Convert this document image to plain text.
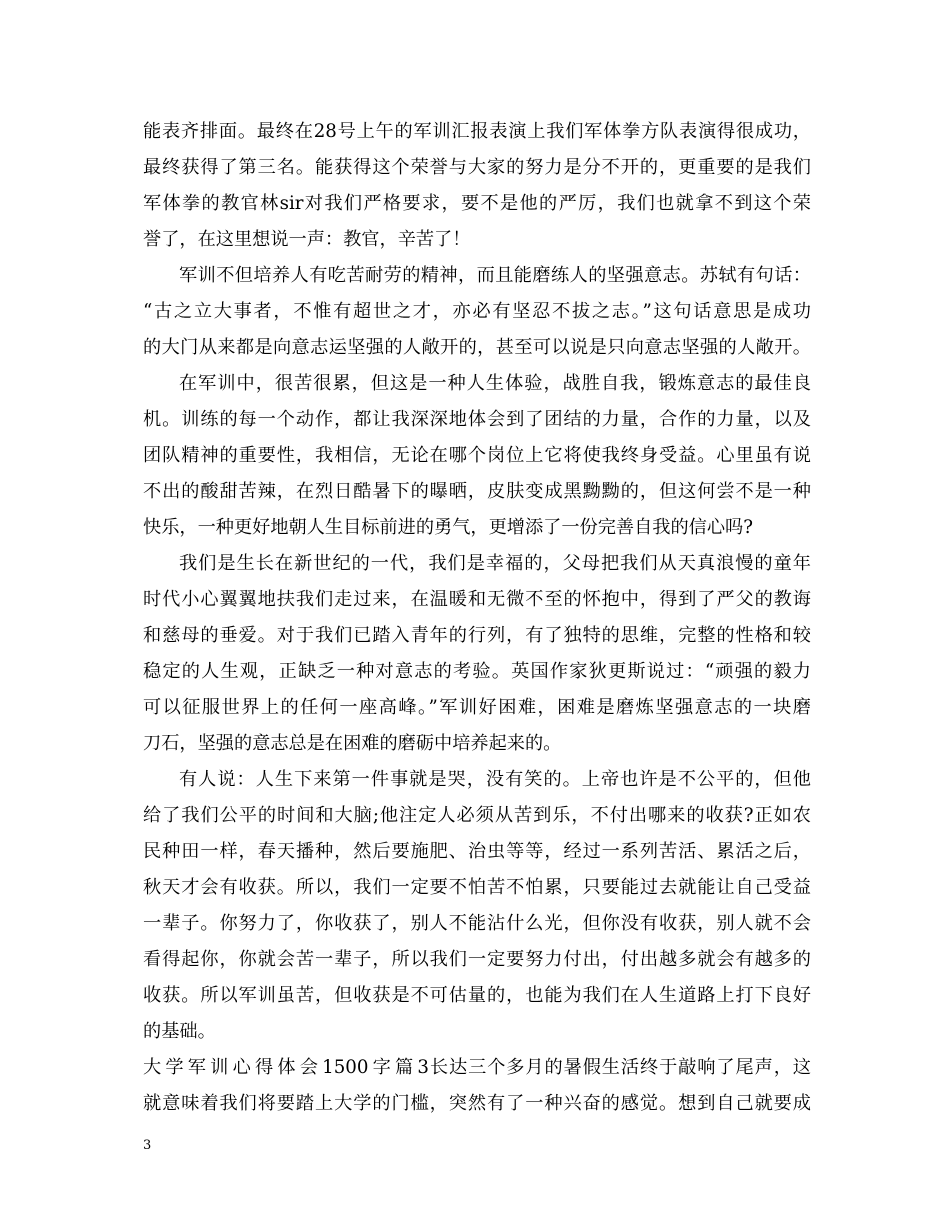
能表齐排面。最终在28号上午的军训汇报表演上我们军体拳方队表演得很成功，
最终获得了第三名。能获得这个荣誉与大家的努力是分不开的，更重要的是我们
军体拳的教官林sir对我们严格要求，要不是他的严厉，我们也就拿不到这个荣
誉了，在这里想说一声：教官，辛苦了！
军训不但培养人有吃苦耐劳的精神，而且能磨练人的坚强意志。苏轼有句话：
“古之立大事者，不惟有超世之才，亦必有坚忍不拔之志。”这句话意思是成功
的大门从来都是向意志运坚强的人敞开的，甚至可以说是只向意志坚强的人敞开。
在军训中，很苦很累，但这是一种人生体验，战胜自我，锻炼意志的最佳良
机。训练的每一个动作，都让我深深地体会到了团结的力量，合作的力量，以及
团队精神的重要性，我相信，无论在哪个岗位上它将使我终身受益。心里虽有说
不出的酸甜苦辣，在烈日酷暑下的曝晒，皮肤变成黑黝黝的，但这何尝不是一种
快乐，一种更好地朝人生目标前进的勇气，更增添了一份完善自我的信心吗?
我们是生长在新世纪的一代，我们是幸福的，父母把我们从天真浪慢的童年
时代小心翼翼地扶我们走过来，在温暖和无微不至的怀抱中，得到了严父的教诲
和慈母的垂爱。对于我们已踏入青年的行列，有了独特的思维，完整的性格和较
稳定的人生观，正缺乏一种对意志的考验。英国作家狄更斯说过：“顽强的毅力
可以征服世界上的任何一座高峰。”军训好困难，困难是磨炼坚强意志的一块磨
刀石，坚强的意志总是在困难的磨砺中培养起来的。
有人说：人生下来第一件事就是哭，没有笑的。上帝也许是不公平的，但他
给了我们公平的时间和大脑;他注定人必须从苦到乐，不付出哪来的收获?正如农
民种田一样，春天播种，然后要施肥、治虫等等，经过一系列苦活、累活之后，
秋天才会有收获。所以，我们一定要不怕苦不怕累，只要能过去就能让自己受益
一辈子。你努力了，你收获了，别人不能沾什么光，但你没有收获，别人就不会
看得起你，你就会苦一辈子，所以我们一定要努力付出，付出越多就会有越多的
收获。所以军训虽苦，但收获是不可估量的，也能为我们在人生道路上打下良好
的基础。
大学军训心得体会1500字篇3长达三个多月的暑假生活终于敲响了尾声，这
就意味着我们将要踏上大学的门槛，突然有了一种兴奋的感觉。想到自己就要成
3
